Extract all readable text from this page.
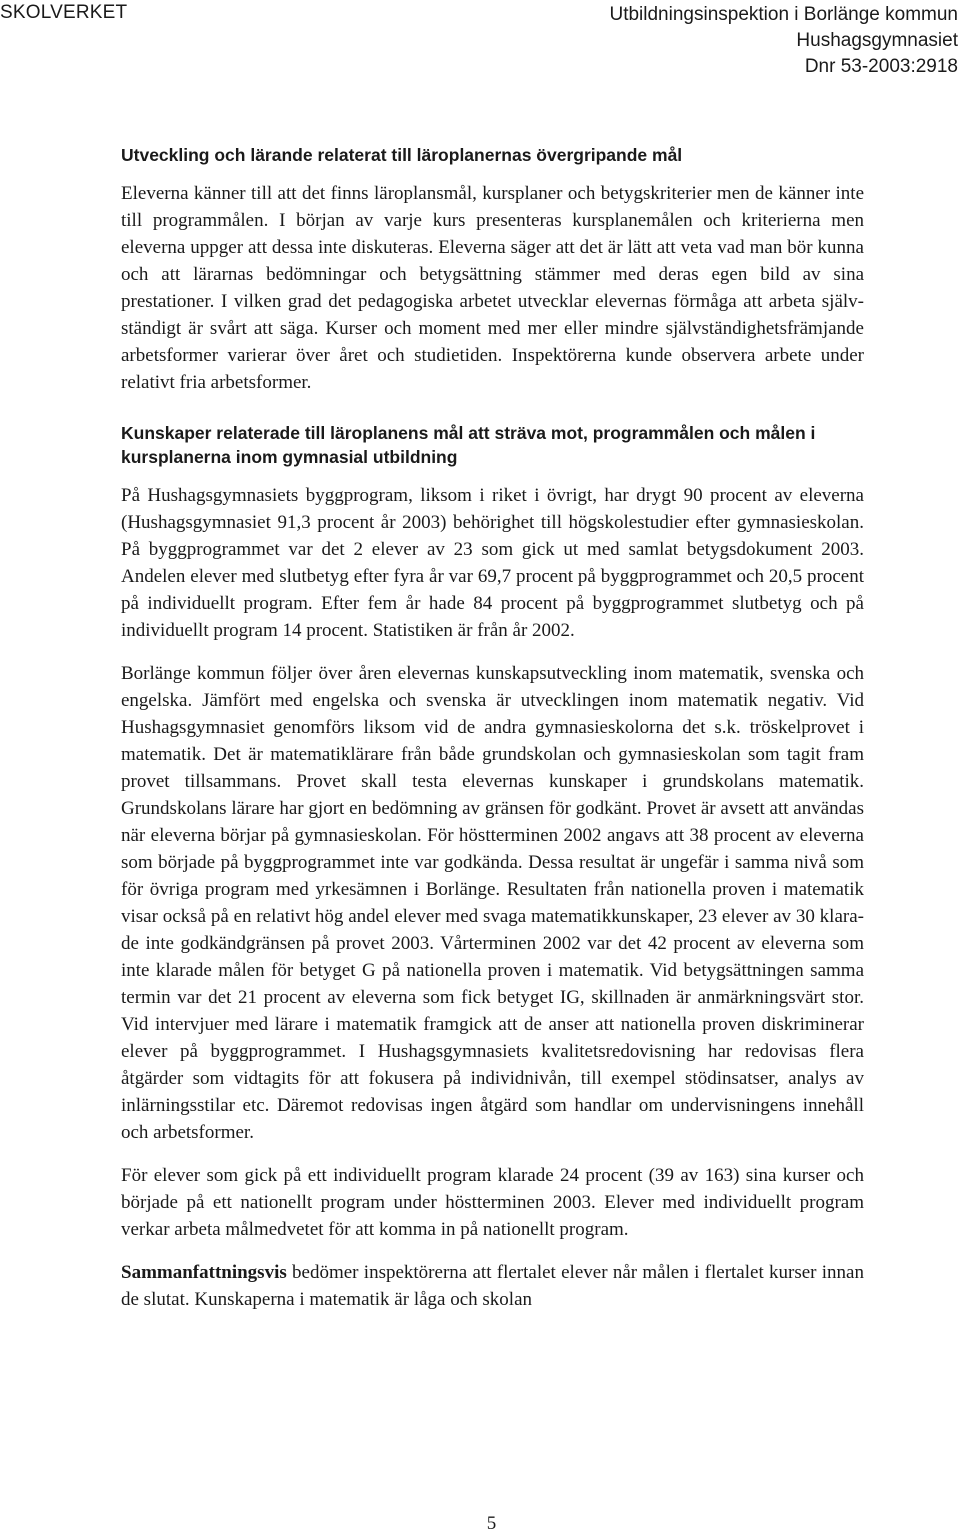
SKOLVERKET	Utbildningsinspektion i Borlänge kommun
Hushagsgymnasiet
Dnr 53-2003:2918
Utveckling och lärande relaterat till läroplanernas övergripande mål

Eleverna känner till att det finns läroplansmål, kursplaner och betygskriterier men de känner inte till programmålen. I början av varje kurs presenteras kursplanemålen och kriterierna men eleverna uppger att dessa inte diskuteras. Eleverna säger att det är lätt att veta vad man bör kunna och att lärarnas bedömningar och betygsättning stämmer med deras egen bild av sina prestationer. I vilken grad det pedagogiska arbetet utvecklar elevernas förmåga att arbeta självständigt är svårt att säga. Kurser och moment med mer eller mindre självständighetsfrämjande arbetsformer varierar över året och studietiden. Inspektörerna kunde observera arbete under relativt fria arbetsformer.

Kunskaper relaterade till läroplanens mål att sträva mot, programmålen och målen i kursplanerna inom gymnasial utbildning

På Hushagsgymnasiets byggprogram, liksom i riket i övrigt, har drygt 90 procent av eleverna (Hushagsgymnasiet 91,3 procent år 2003) behörighet till högskolestudier efter gymnasieskolan. På byggprogrammet var det 2 elever av 23 som gick ut med samlat betygsdokument 2003. Andelen elever med slutbetyg efter fyra år var 69,7 procent på byggprogrammet och 20,5 procent på individuellt program. Efter fem år hade 84 procent på byggprogrammet slutbetyg och på individuellt program 14 procent. Statistiken är från år 2002.

Borlänge kommun följer över åren elevernas kunskapsutveckling inom matematik, svenska och engelska. Jämfört med engelska och svenska är utvecklingen inom matematik negativ. Vid Hushagsgymnasiet genomförs liksom vid de andra gymnasieskolorna det s.k. tröskelprovet i matematik. Det är matematiklärare från både grundskolan och gymnasieskolan som tagit fram provet tillsammans. Provet skall testa elevernas kunskaper i grundskolans matematik. Grundskolans lärare har gjort en bedömning av gränsen för godkänt. Provet är avsett att användas när eleverna börjar på gymnasieskolan. För höstterminen 2002 angavs att 38 procent av eleverna som började på byggprogrammet inte var godkända. Dessa resultat är ungefär i samma nivå som för övriga program med yrkesämnen i Borlänge. Resultaten från nationella proven i matematik visar också på en relativt hög andel elever med svaga matematikkunskaper, 23 elever av 30 klarade inte godkändgränsen på provet 2003. Vårterminen 2002 var det 42 procent av eleverna som inte klarade målen för betyget G på nationella proven i matematik. Vid betygsättningen samma termin var det 21 procent av eleverna som fick betyget IG, skillnaden är anmärkningsvärt stor. Vid intervjuer med lärare i matematik framgick att de anser att nationella proven diskriminerar elever på byggprogrammet. I Hushagsgymnasiets kvalitetsredovisning har redovisas flera åtgärder som vidtagits för att fokusera på individnivån, till exempel stödinsatser, analys av inlärningsstilar etc. Däremot redovisas ingen åtgärd som handlar om undervisningens innehåll och arbetsformer.

För elever som gick på ett individuellt program klarade 24 procent (39 av 163) sina kurser och började på ett nationellt program under höstterminen 2003. Elever med individuellt program verkar arbeta målmedvetet för att komma in på nationellt program.

Sammanfattningsvis bedömer inspektörerna att flertalet elever når målen i flertalet kurser innan de slutat. Kunskaperna i matematik är låga och skolan

5
